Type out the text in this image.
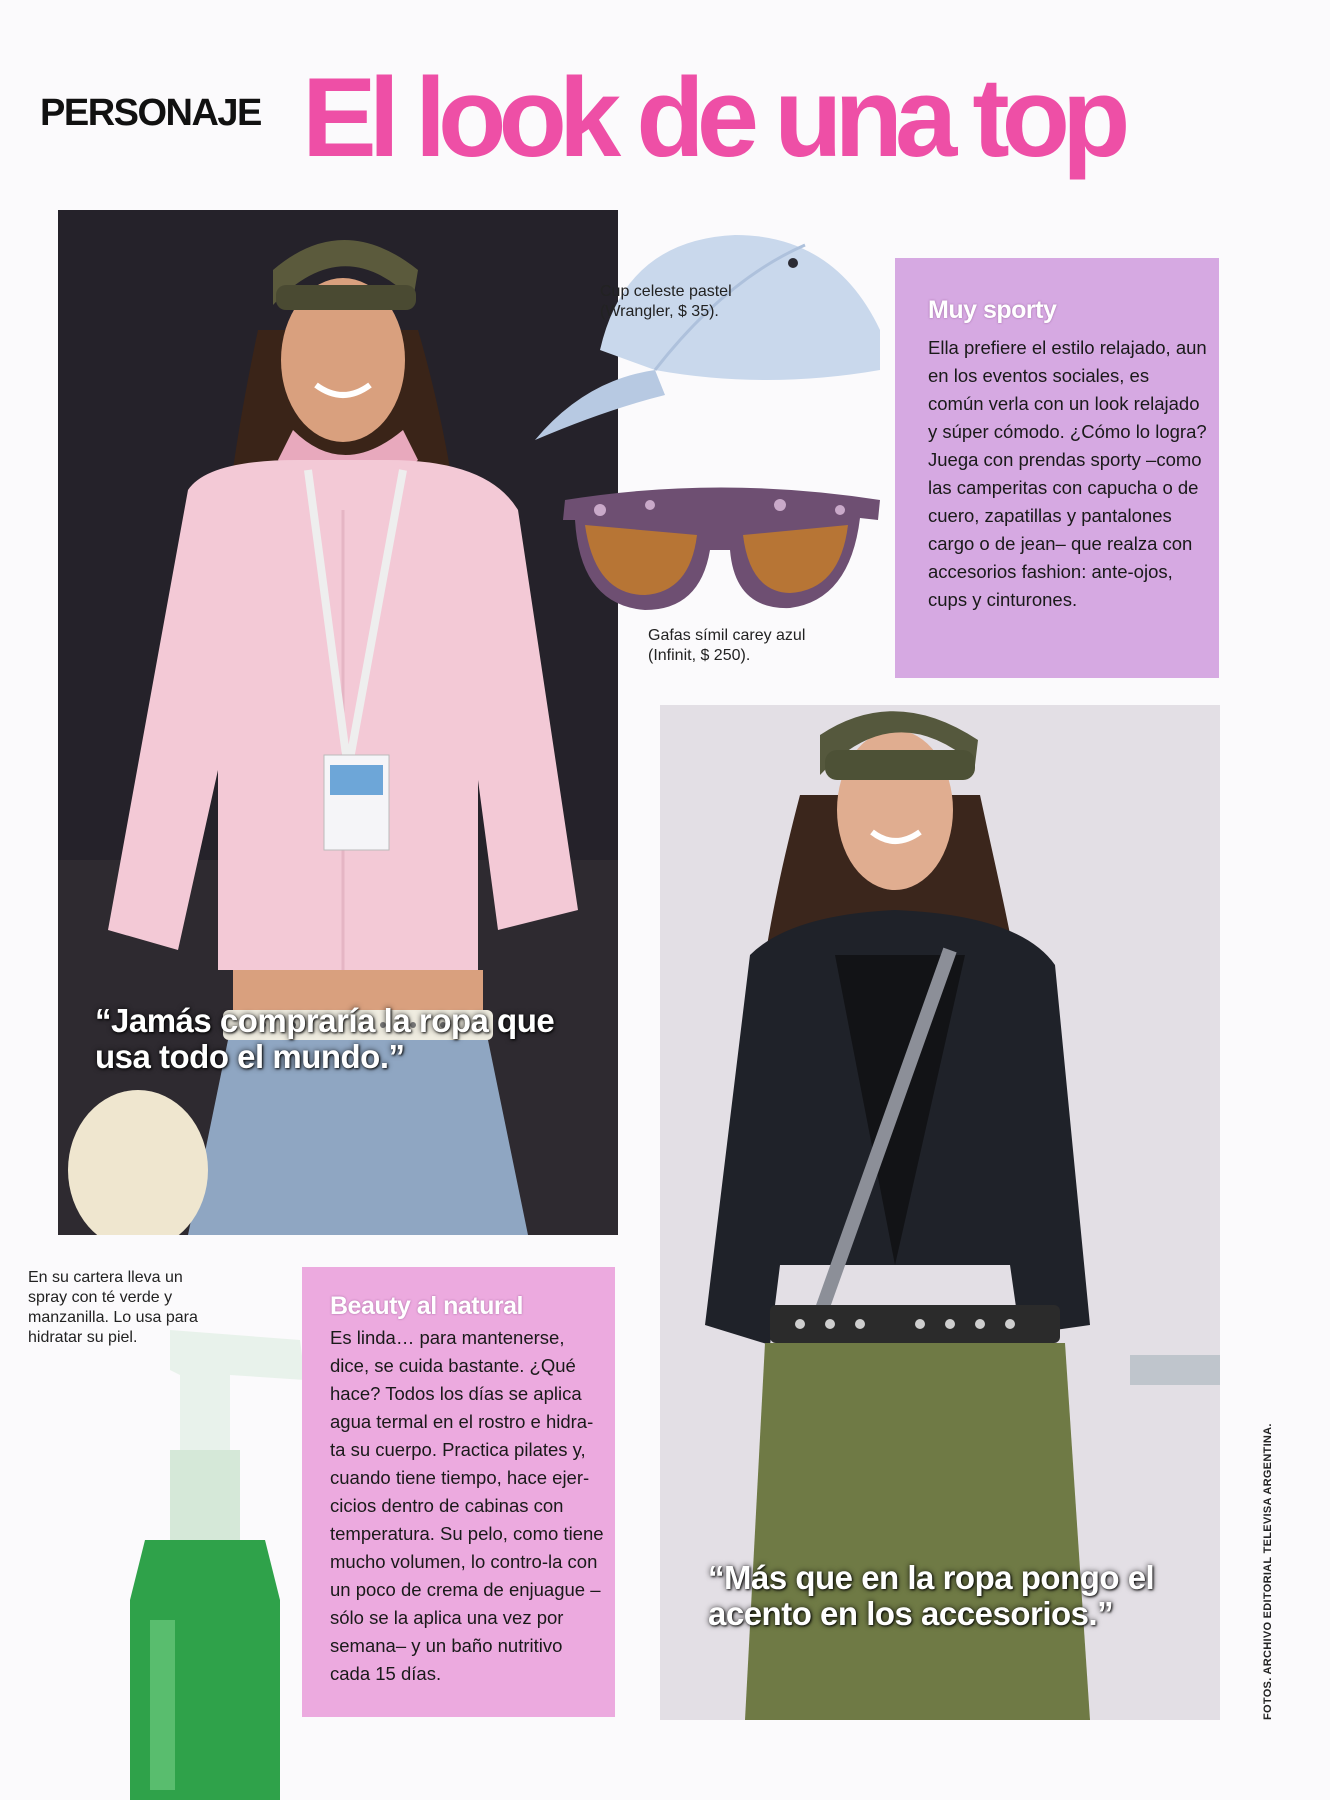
PERSONAJE El look de una top
“Jamás compraría la ropa que usa todo el mundo.”
Cup celeste pastel (Wrangler, $ 35).
Gafas símil carey azul (Infinit, $ 250).
Muy sporty
Ella prefiere el estilo relajado, aun en los eventos sociales, es común verla con un look relajado y súper cómodo. ¿Cómo lo logra? Juega con prendas sporty –como las camperitas con capucha o de cuero, zapatillas y pantalones cargo o de jean– que realza con accesorios fashion: ante-ojos, cups y cinturones.
“Más que en la ropa pongo el acento en los accesorios.”
En su cartera lleva un spray con té verde y manzanilla. Lo usa para hidratar su piel.
Beauty al natural
Es linda… para mantenerse, dice, se cuida bastante. ¿Qué hace? Todos los días se aplica agua termal en el rostro e hidra-ta su cuerpo. Practica pilates y, cuando tiene tiempo, hace ejer-cicios dentro de cabinas con temperatura. Su pelo, como tiene mucho volumen, lo contro-la con un poco de crema de enjuague –sólo se la aplica una vez por semana– y un baño nutritivo cada 15 días.	FOTOS. ARCHIVO EDITORIAL TELEVISA ARGENTINA.
